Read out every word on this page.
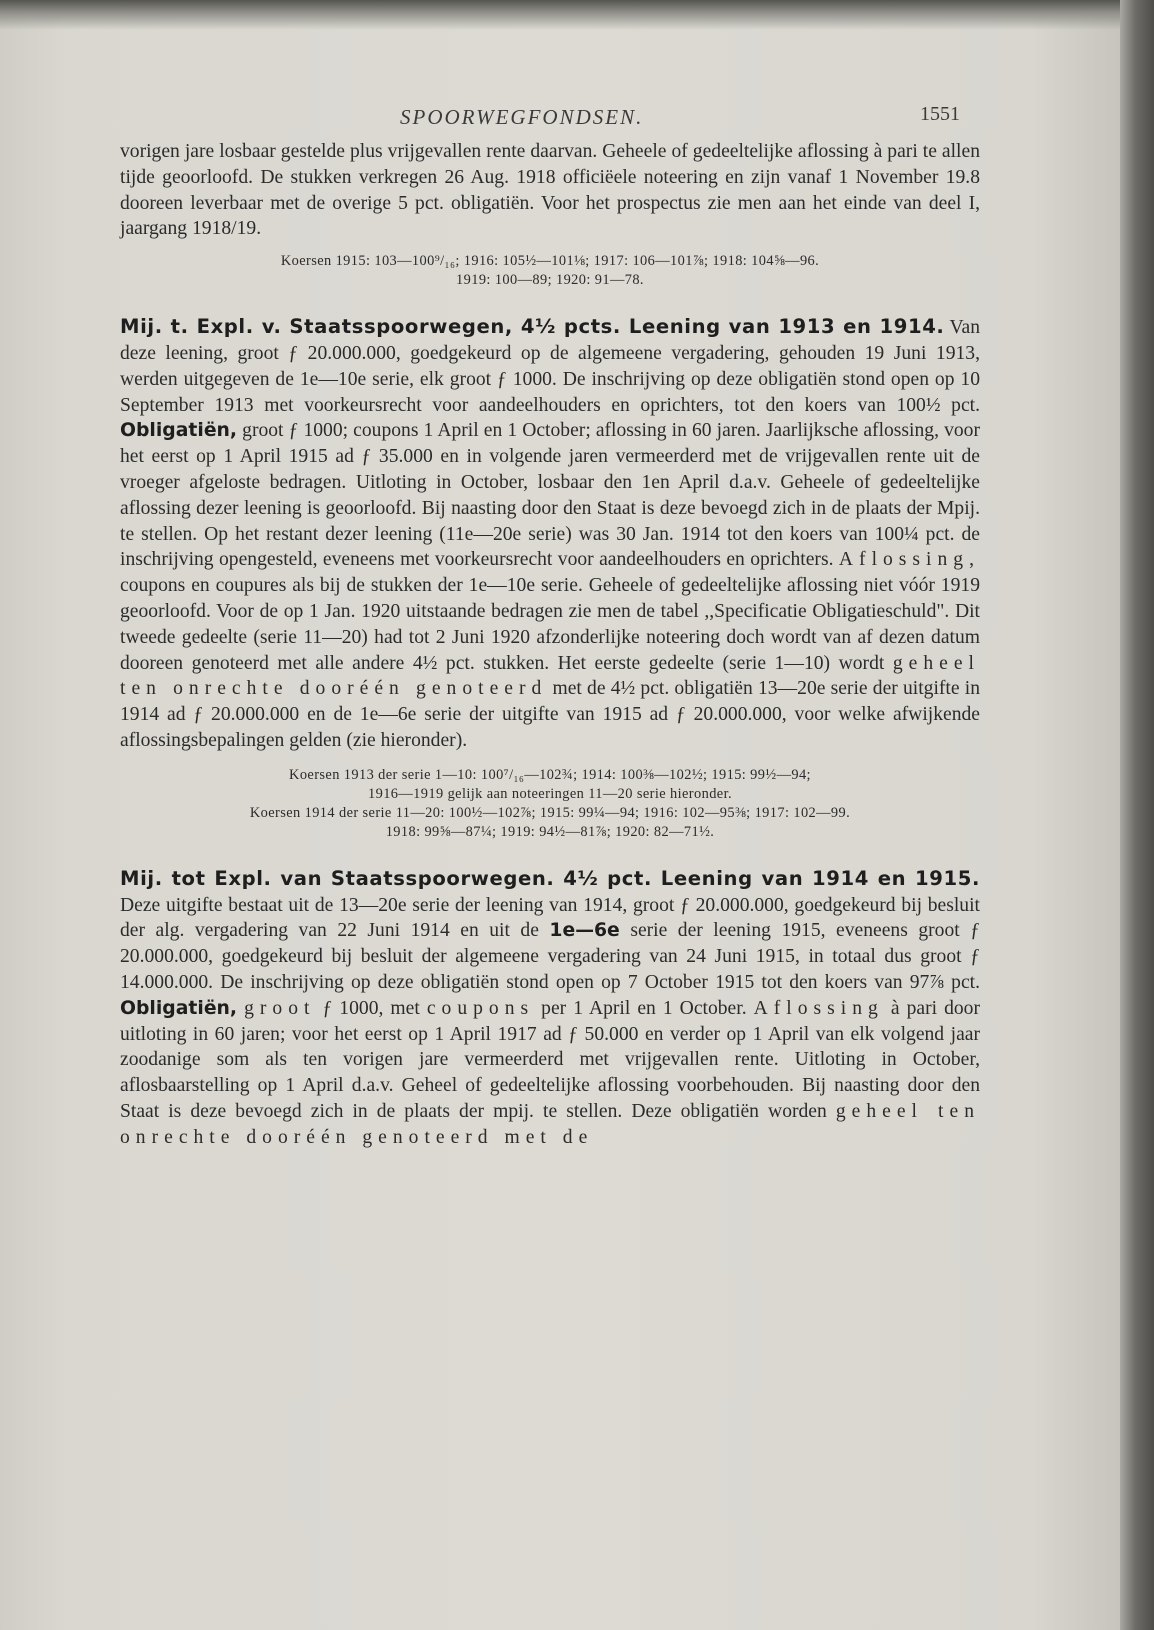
SPOORWEGFONDSEN.	1551

vorigen jare losbaar gestelde plus vrijgevallen rente daarvan. Geheele of gedeeltelijke aflossing à pari te allen tijde geoorloofd. De stukken verkregen 26 Aug. 1918 officiëele noteering en zijn vanaf 1 November 19.8 dooreen leverbaar met de overige 5 pct. obligatiën. Voor het prospectus zie men aan het einde van deel I, jaargang 1918/19.

Koersen 1915: 103—100⁹/₁₆; 1916: 105½—101⅛; 1917: 106—101⅞; 1918: 104⅝—96.

1919: 100—89; 1920: 91—78.

Mij. t. Expl. v. Staatsspoorwegen, 4½ pcts. Leening van 1913 en 1914. Van deze leening, groot ƒ 20.000.000, goedgekeurd op de algemeene vergadering, gehouden 19 Juni 1913, werden uitgegeven de 1e—10e serie, elk groot ƒ 1000. De inschrijving op deze obligatiën stond open op 10 September 1913 met voorkeursrecht voor aandeelhouders en oprichters, tot den koers van 100½ pct. Obligatiën, groot ƒ 1000; coupons 1 April en 1 October; aflossing in 60 jaren. Jaarlijksche aflossing, voor het eerst op 1 April 1915 ad ƒ 35.000 en in volgende jaren vermeerderd met de vrijgevallen rente uit de vroeger afgeloste bedragen. Uitloting in October, losbaar den 1en April d.a.v. Geheele of gedeeltelijke aflossing dezer leening is geoorloofd. Bij naasting door den Staat is deze bevoegd zich in de plaats der Mpij. te stellen. Op het restant dezer leening (11e—20e serie) was 30 Jan. 1914 tot den koers van 100¼ pct. de inschrijving opengesteld, eveneens met voorkeursrecht voor aandeelhouders en oprichters. Aflossing, coupons en coupures als bij de stukken der 1e—10e serie. Geheele of gedeeltelijke aflossing niet vóór 1919 geoorloofd. Voor de op 1 Jan. 1920 uitstaande bedragen zie men de tabel ,,Specificatie Obligatieschuld". Dit tweede gedeelte (serie 11—20) had tot 2 Juni 1920 afzonderlijke noteering doch wordt van af dezen datum dooreen genoteerd met alle andere 4½ pct. stukken. Het eerste gedeelte (serie 1—10) wordt geheel ten onrechte dooréén genoteerd met de 4½ pct. obligatiën 13—20e serie der uitgifte in 1914 ad ƒ 20.000.000 en de 1e—6e serie der uitgifte van 1915 ad ƒ 20.000.000, voor welke afwijkende aflossingsbepalingen gelden (zie hieronder).

Koersen 1913 der serie 1—10: 100⁷/₁₆—102¾; 1914: 100⅜—102½; 1915: 99½—94;

1916—1919 gelijk aan noteeringen 11—20 serie hieronder.

Koersen 1914 der serie 11—20: 100½—102⅞; 1915: 99¼—94; 1916: 102—95⅜; 1917: 102—99.

1918: 99⅝—87¼; 1919: 94½—81⅞; 1920: 82—71½.

Mij. tot Expl. van Staatsspoorwegen. 4½ pct. Leening van 1914 en 1915. Deze uitgifte bestaat uit de 13—20e serie der leening van 1914, groot ƒ 20.000.000, goedgekeurd bij besluit der alg. vergadering van 22 Juni 1914 en uit de 1e—6e serie der leening 1915, eveneens groot ƒ 20.000.000, goedgekeurd bij besluit der algemeene vergadering van 24 Juni 1915, in totaal dus groot ƒ 14.000.000. De inschrijving op deze obligatiën stond open op 7 October 1915 tot den koers van 97⅞ pct. Obligatiën, groot ƒ 1000, met coupons per 1 April en 1 October. Aflossing à pari door uitloting in 60 jaren; voor het eerst op 1 April 1917 ad ƒ 50.000 en verder op 1 April van elk volgend jaar zoodanige som als ten vorigen jare vermeerderd met vrijgevallen rente. Uitloting in October, aflosbaarstelling op 1 April d.a.v. Geheel of gedeeltelijke aflossing voorbehouden. Bij naasting door den Staat is deze bevoegd zich in de plaats der mpij. te stellen. Deze obligatiën worden geheel ten onrechte dooréén genoteerd met de
